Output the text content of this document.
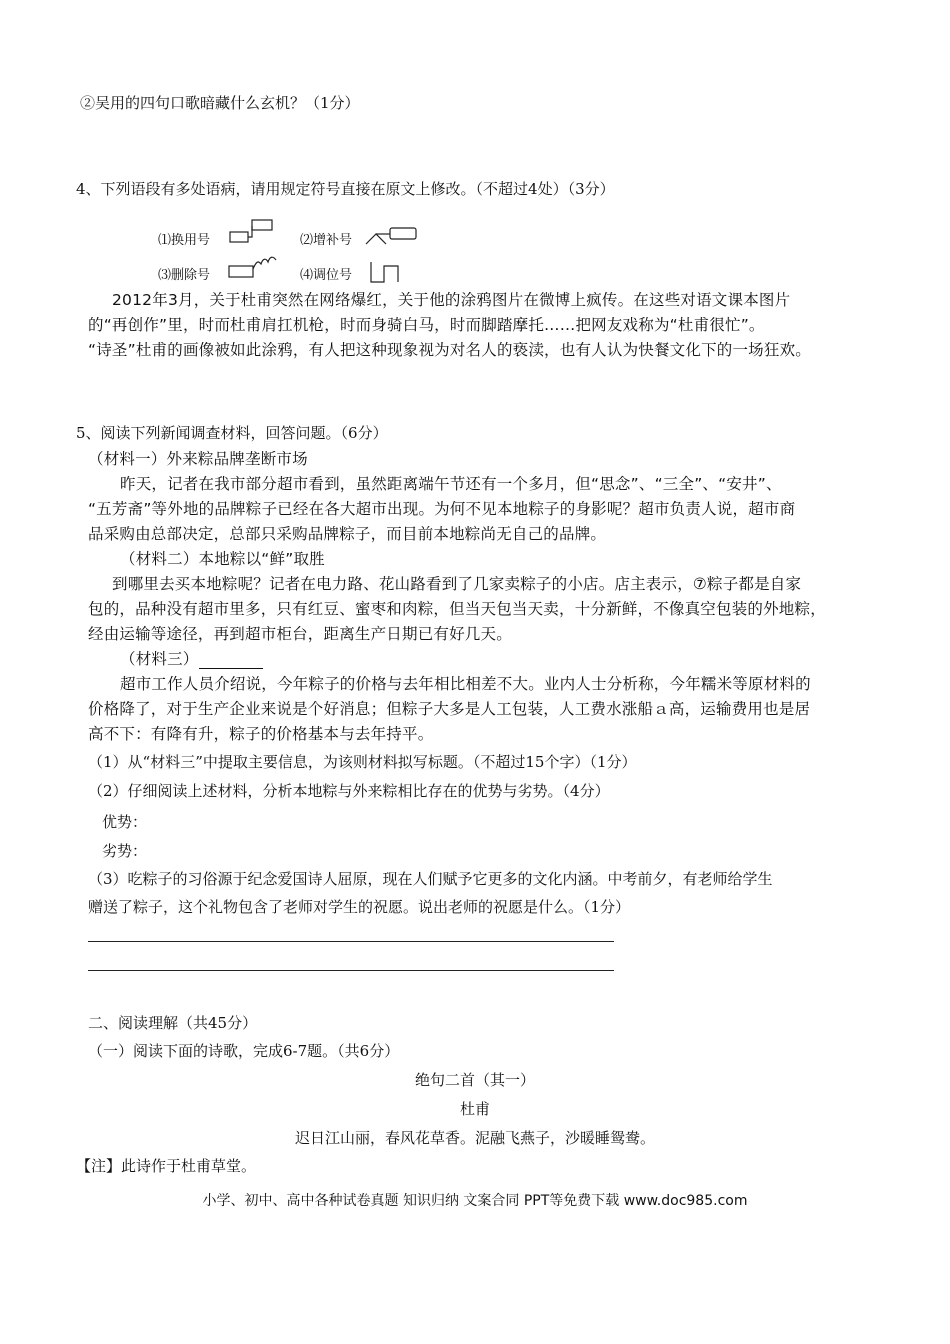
②吴用的四句口歌暗藏什么玄机？（1分）
4、下列语段有多处语病，请用规定符号直接在原文上修改。（不超过4处）（3分）
⑴换用号	⑵增补号
⑶删除号	⑷调位号
2012年3月，关于杜甫突然在网络爆红，关于他的涂鸦图片在微博上疯传。在这些对语文课本图片
的“再创作”里，时而杜甫肩扛机枪，时而身骑白马，时而脚踏摩托……把网友戏称为“杜甫很忙”。
“诗圣”杜甫的画像被如此涂鸦，有人把这种现象视为对名人的亵渎，也有人认为快餐文化下的一场狂欢。
5、阅读下列新闻调查材料，回答问题。（6分）
（材料一）外来粽品牌垄断市场
昨天，记者在我市部分超市看到，虽然距离端午节还有一个多月，但“思念”、“三全”、“安井”、
“五芳斋”等外地的品牌粽子已经在各大超市出现。为何不见本地粽子的身影呢？超市负责人说，超市商
品采购由总部决定，总部只采购品牌粽子，而目前本地粽尚无自己的品牌。
（材料二）本地粽以“鲜”取胜
到哪里去买本地粽呢？记者在电力路、花山路看到了几家卖粽子的小店。店主表示，⑦粽子都是自家
包的，品种没有超市里多，只有红豆、蜜枣和肉粽，但当天包当天卖，十分新鲜，不像真空包装的外地粽，
经由运输等途径，再到超市柜台，距离生产日期已有好几天。
（材料三）
超市工作人员介绍说，今年粽子的价格与去年相比相差不大。业内人士分析称，今年糯米等原材料的
价格降了，对于生产企业来说是个好消息；但粽子大多是人工包装，人工费水涨船ａ高，运输费用也是居
高不下：有降有升，粽子的价格基本与去年持平。
（1）从“材料三”中提取主要信息，为该则材料拟写标题。（不超过15个字）（1分）
（2）仔细阅读上述材料，分析本地粽与外来粽相比存在的优势与劣势。（4分）
优势：
劣势：
（3）吃粽子的习俗源于纪念爱国诗人屈原，现在人们赋予它更多的文化内涵。中考前夕，有老师给学生
赠送了粽子，这个礼物包含了老师对学生的祝愿。说出老师的祝愿是什么。（1分）
二、阅读理解（共45分）
（一）阅读下面的诗歌，完成6-7题。（共6分）
绝句二首（其一）
杜甫
迟日江山丽，春风花草香。泥融飞燕子，沙暖睡鸳鸯。
【注】此诗作于杜甫草堂。
小学、初中、高中各种试卷真题 知识归纳 文案合同 PPT等免费下载 www.doc985.com
